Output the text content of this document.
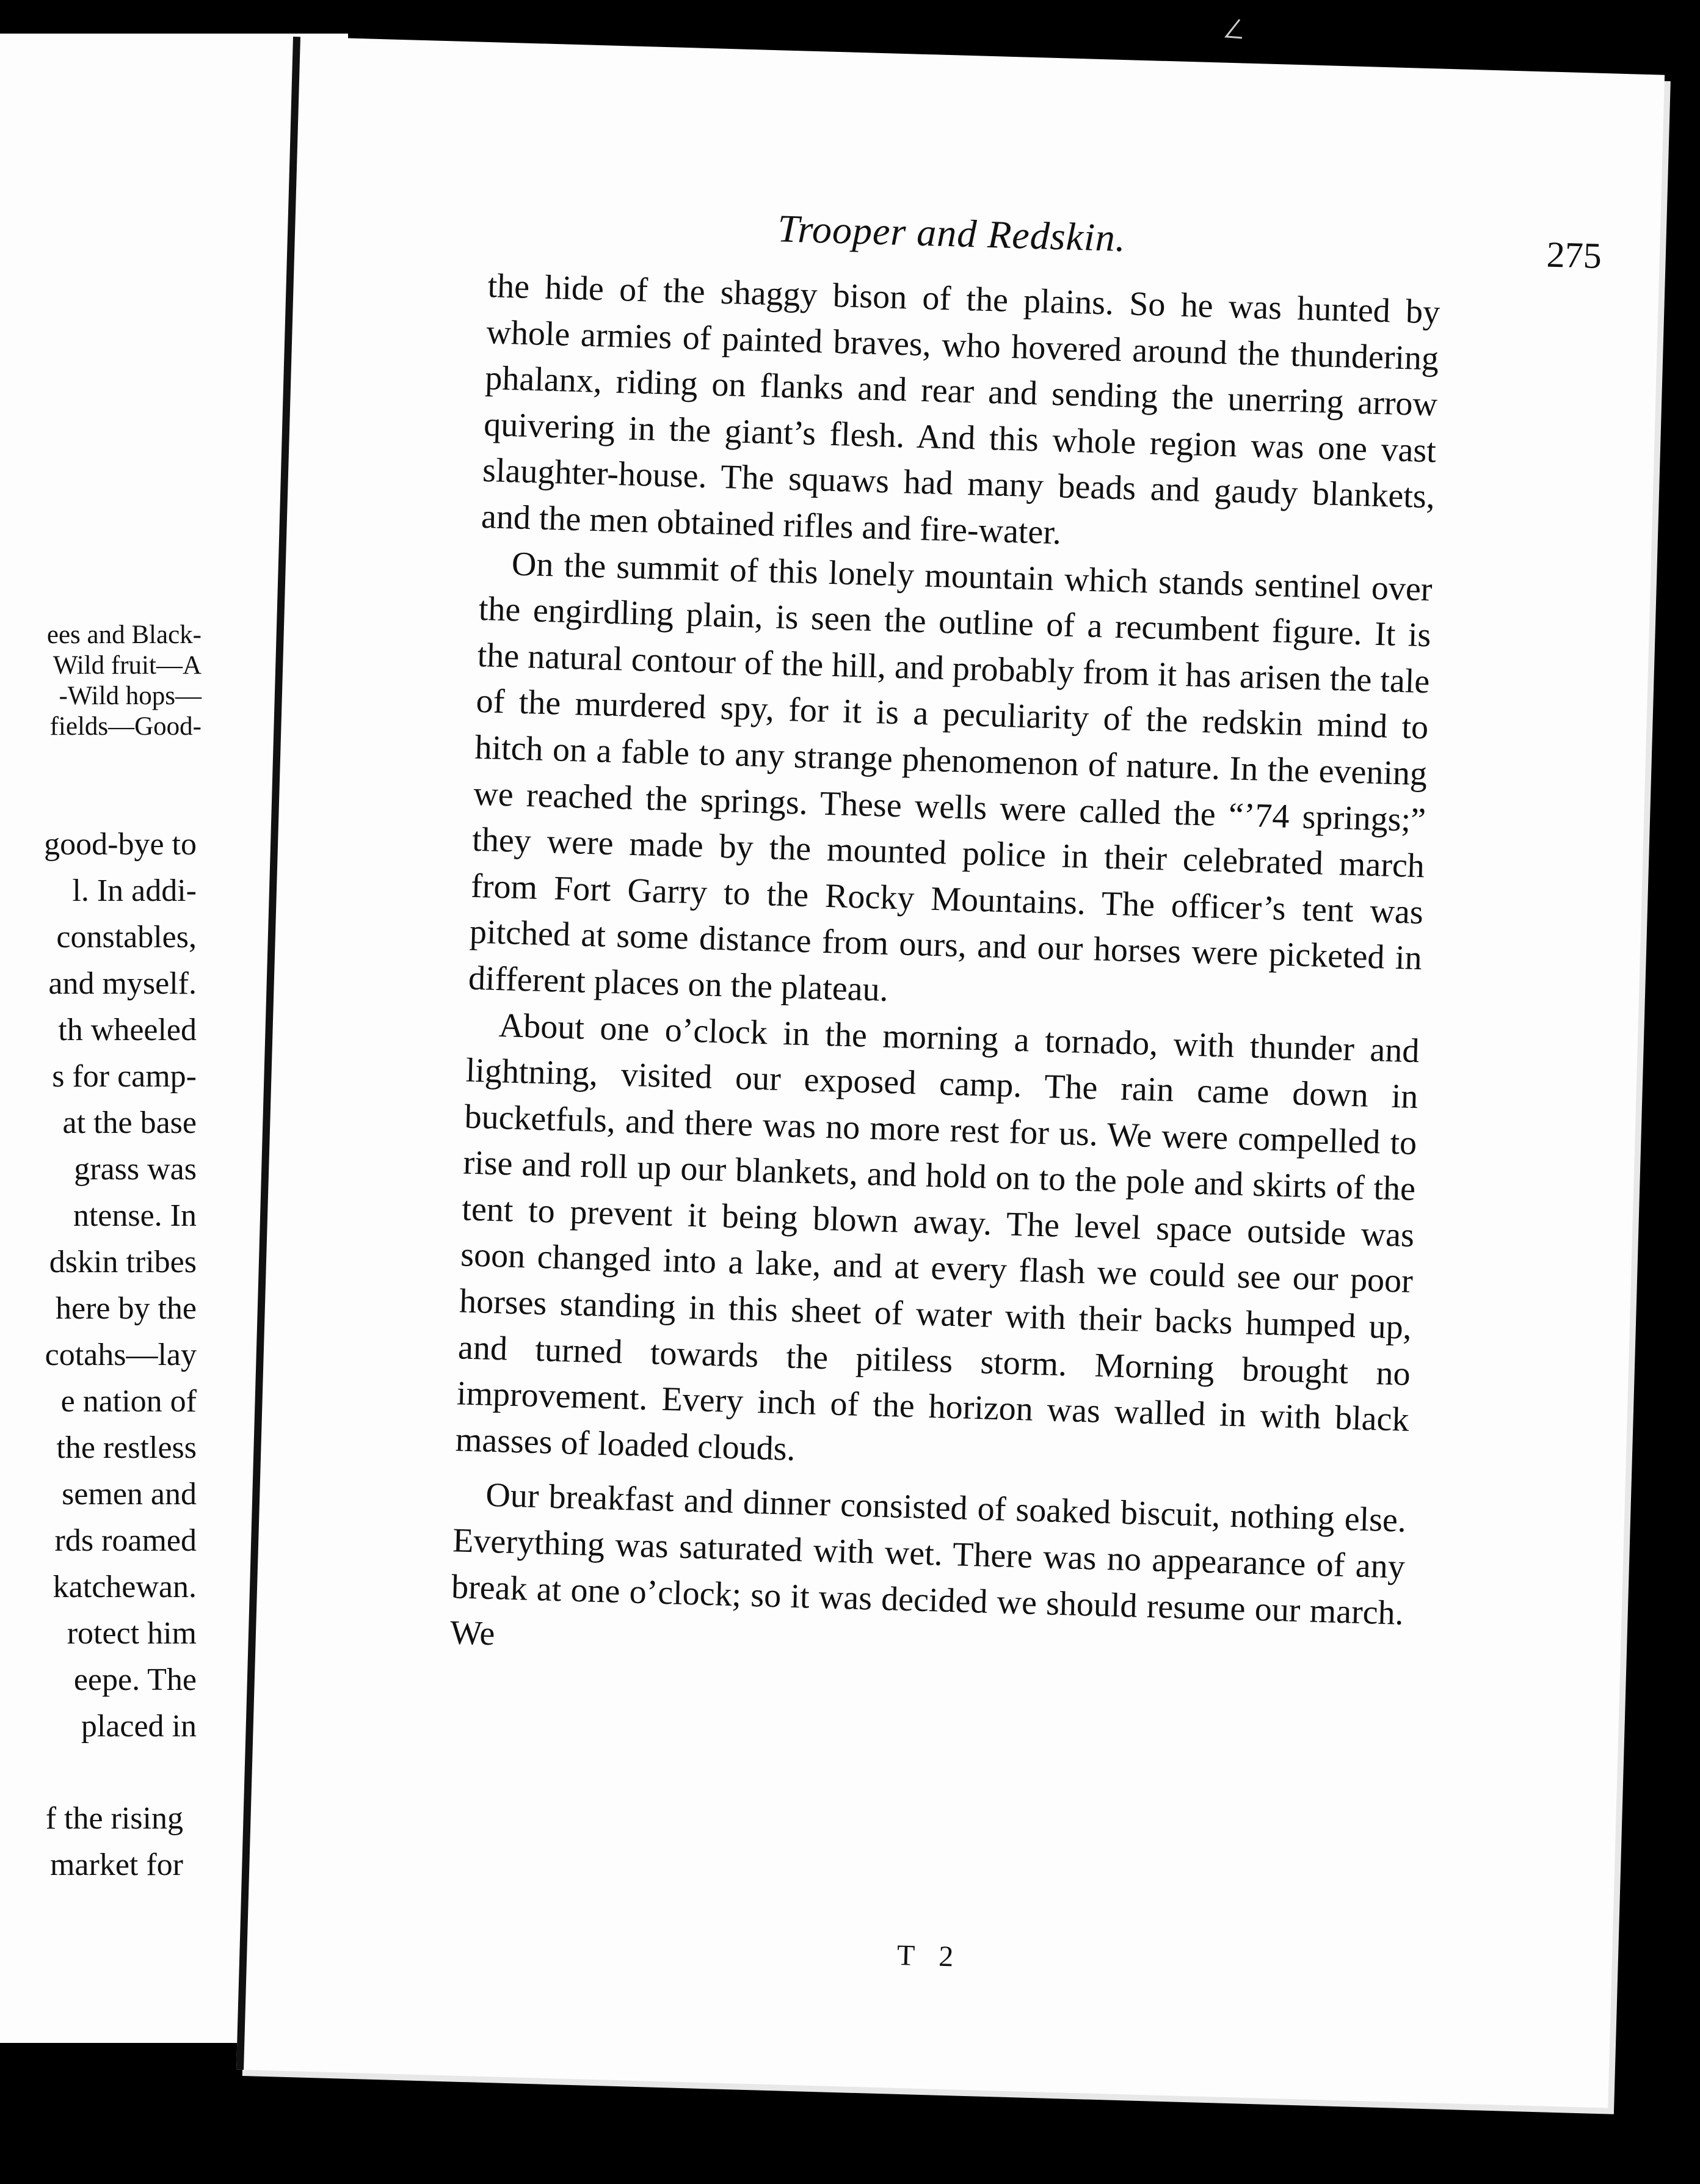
ees and Black-
Wild fruit—A
-Wild hops—
fields—Good-
good-bye to
l. In addi-
constables,
and myself.
th wheeled
s for camp-
at the base
grass was
ntense. In
dskin tribes
here by the
cotahs—lay
e nation of
the restless
semen and
rds roamed
katchewan.
rotect him
eepe. The
placed in
f the rising
market for
Trooper and Redskin.	275

the hide of the shaggy bison of the plains. So he was hunted by whole armies of painted braves, who hovered around the thundering phalanx, riding on flanks and rear and sending the unerring arrow quivering in the giant’s flesh. And this whole region was one vast slaughter-house. The squaws had many beads and gaudy blankets, and the men obtained rifles and fire-water.

On the summit of this lonely mountain which stands sentinel over the engirdling plain, is seen the outline of a recumbent figure. It is the natural contour of the hill, and probably from it has arisen the tale of the murdered spy, for it is a peculiarity of the redskin mind to hitch on a fable to any strange phenomenon of nature. In the evening we reached the springs. These wells were called the “’74 springs;” they were made by the mounted police in their celebrated march from Fort Garry to the Rocky Mountains. The officer’s tent was pitched at some distance from ours, and our horses were picketed in different places on the plateau.

About one o’clock in the morning a tornado, with thunder and lightning, visited our exposed camp. The rain came down in bucketfuls, and there was no more rest for us. We were compelled to rise and roll up our blankets, and hold on to the pole and skirts of the tent to prevent it being blown away. The level space outside was soon changed into a lake, and at every flash we could see our poor horses standing in this sheet of water with their backs humped up, and turned towards the pitiless storm. Morning brought no improvement. Every inch of the horizon was walled in with black masses of loaded clouds.

Our breakfast and dinner consisted of soaked biscuit, nothing else. Everything was saturated with wet. There was no appearance of any break at one o’clock; so it was decided we should resume our march. We

T 2
